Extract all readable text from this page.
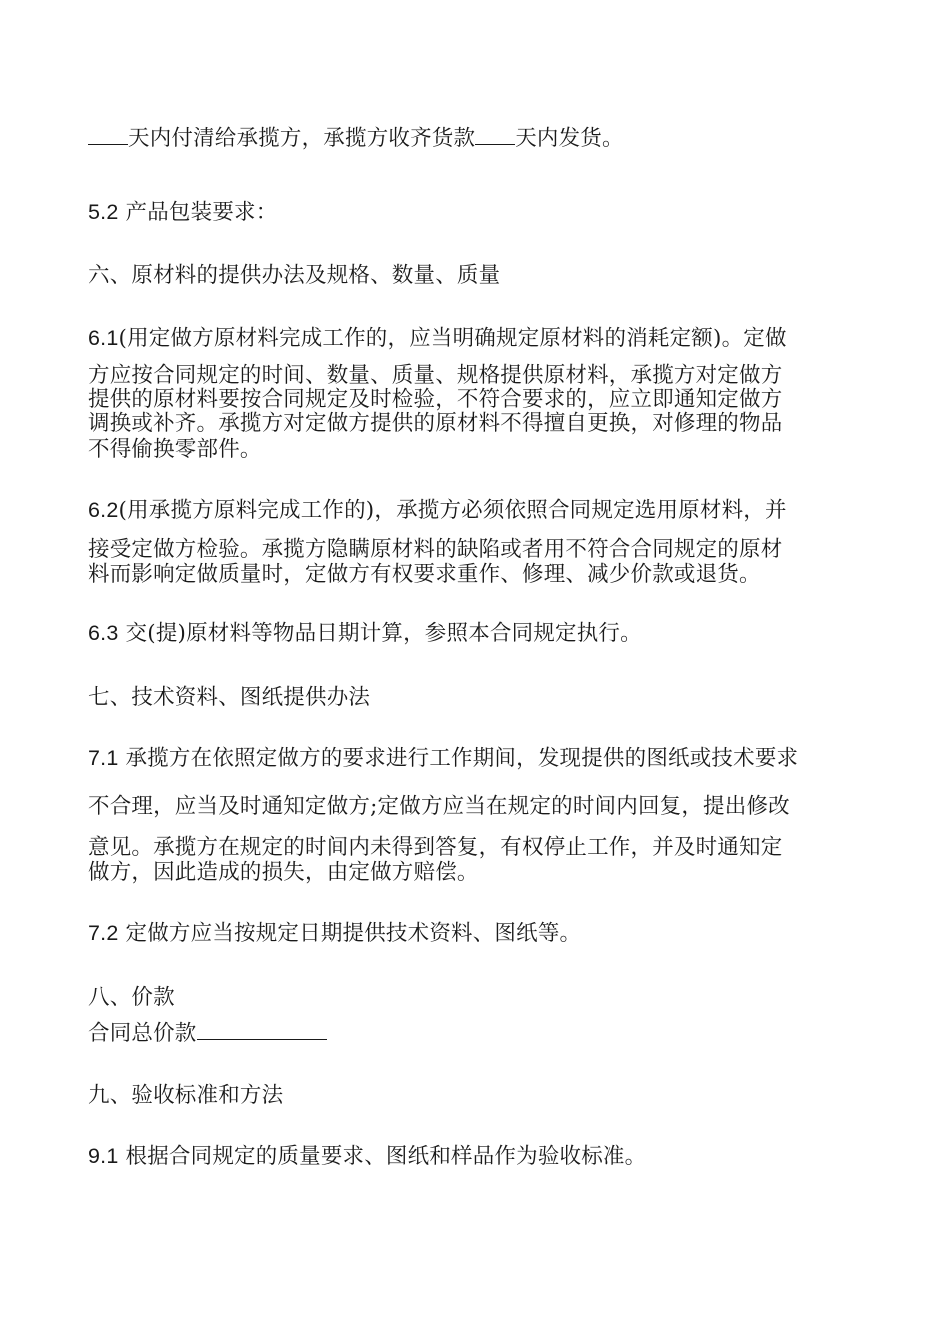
天内付清给承揽方，承揽方收齐货款 天内发货。
5.2 产品包装要求：
六、原材料的提供办法及规格、数量、质量
6.1(用定做方原材料完成工作的，应当明确规定原材料的消耗定额)。定做
方应按合同规定的时间、数量、质量、规格提供原材料，承揽方对定做方
提供的原材料要按合同规定及时检验，不符合要求的，应立即通知定做方
调换或补齐。承揽方对定做方提供的原材料不得擅自更换，对修理的物品
不得偷换零部件。
6.2(用承揽方原料完成工作的)，承揽方必须依照合同规定选用原材料，并
接受定做方检验。承揽方隐瞒原材料的缺陷或者用不符合合同规定的原材
料而影响定做质量时，定做方有权要求重作、修理、减少价款或退货。
6.3 交(提)原材料等物品日期计算，参照本合同规定执行。
七、技术资料、图纸提供办法
7.1 承揽方在依照定做方的要求进行工作期间，发现提供的图纸或技术要求
不合理，应当及时通知定做方;定做方应当在规定的时间内回复，提出修改
意见。承揽方在规定的时间内未得到答复，有权停止工作，并及时通知定
做方，因此造成的损失，由定做方赔偿。
7.2 定做方应当按规定日期提供技术资料、图纸等。
八、价款
合同总价款
九、验收标准和方法
9.1 根据合同规定的质量要求、图纸和样品作为验收标准。
